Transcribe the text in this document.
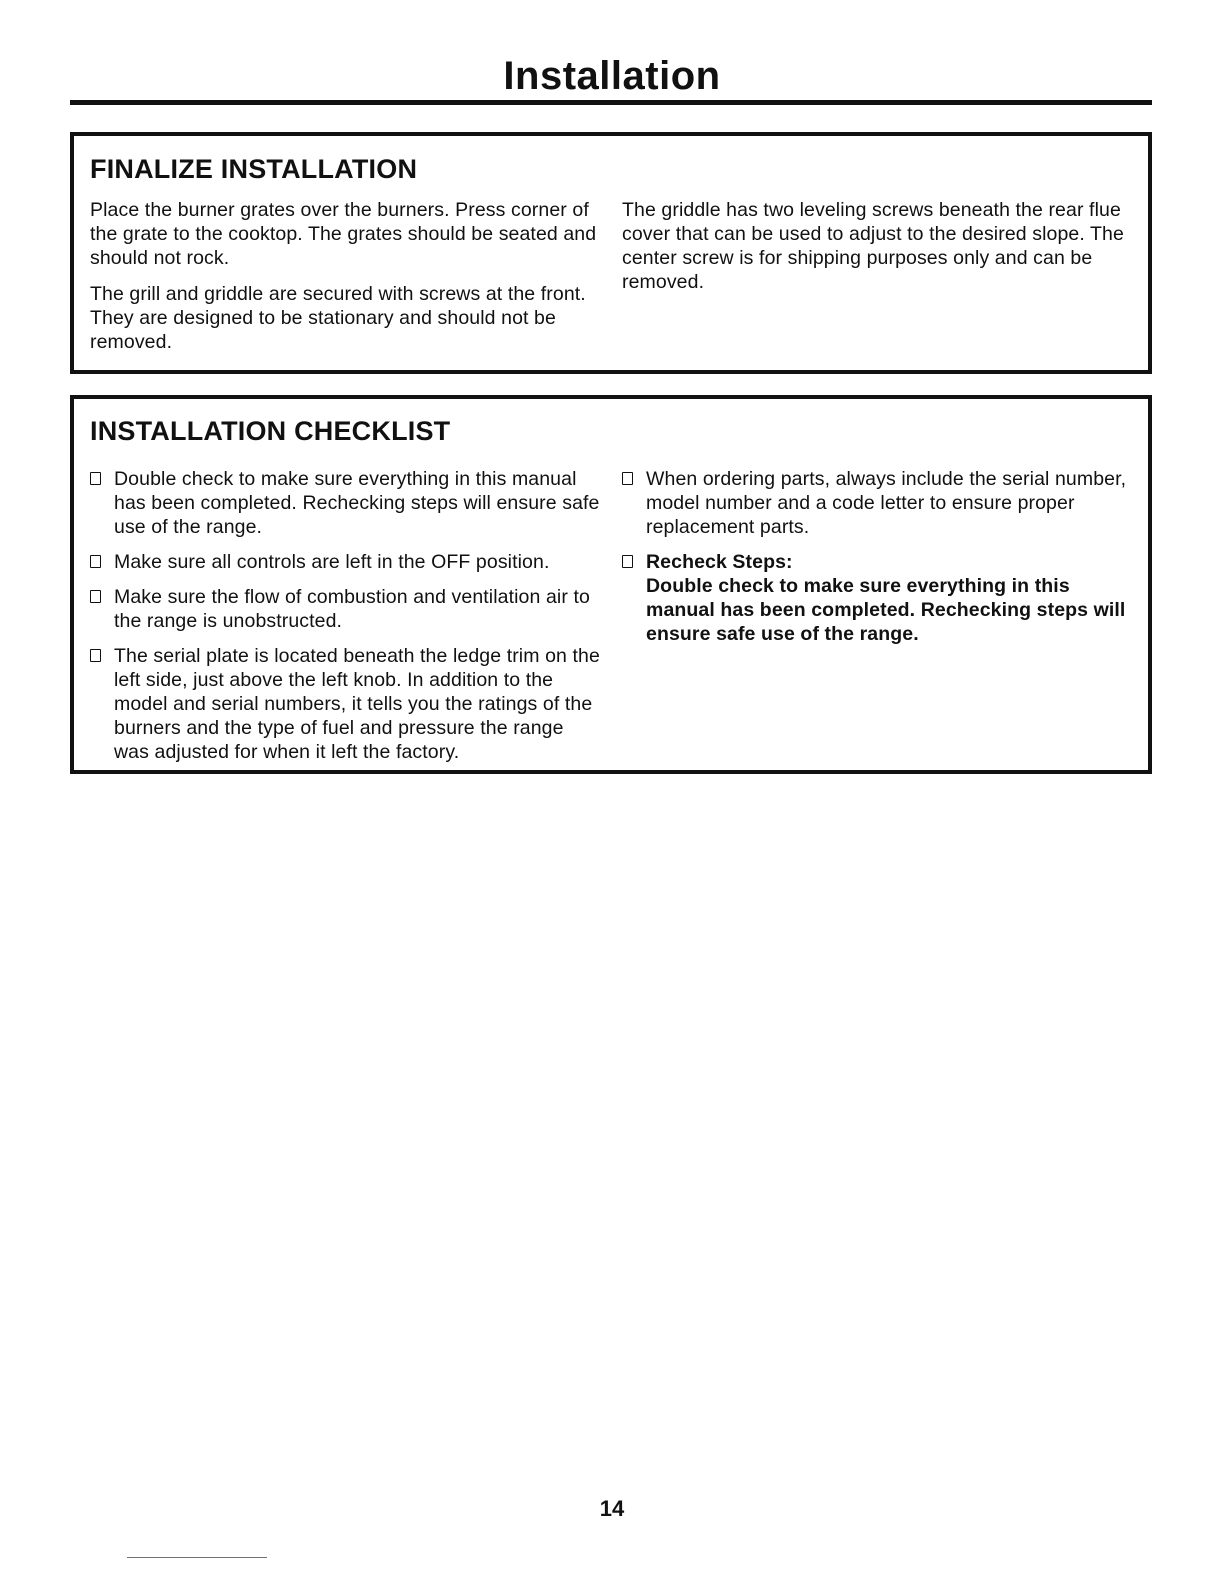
Installation
FINALIZE INSTALLATION

Place the burner grates over the burners. Press corner of the grate to the cooktop. The grates should be seated and should not rock.

The grill and griddle are secured with screws at the front. They are designed to be stationary and should not be removed.

The griddle has two leveling screws beneath the rear flue cover that can be used to adjust to the desired slope. The center screw is for shipping purposes only and can be removed.

INSTALLATION CHECKLIST
Double check to make sure everything in this manual has been completed. Rechecking steps will ensure safe use of the range.
Make sure all controls are left in the OFF position.
Make sure the flow of combustion and ventilation air to the range is unobstructed.
The serial plate is located beneath the ledge trim on the left side, just above the left knob. In addition to the model and serial numbers, it tells you the ratings of the burners and the type of fuel and pressure the range was adjusted for when it left the factory.
When ordering parts, always include the serial number, model number and a code letter to ensure proper replacement parts.
Recheck Steps:
Double check to make sure everything in this manual has been completed. Rechecking steps will ensure safe use of the range.
14
